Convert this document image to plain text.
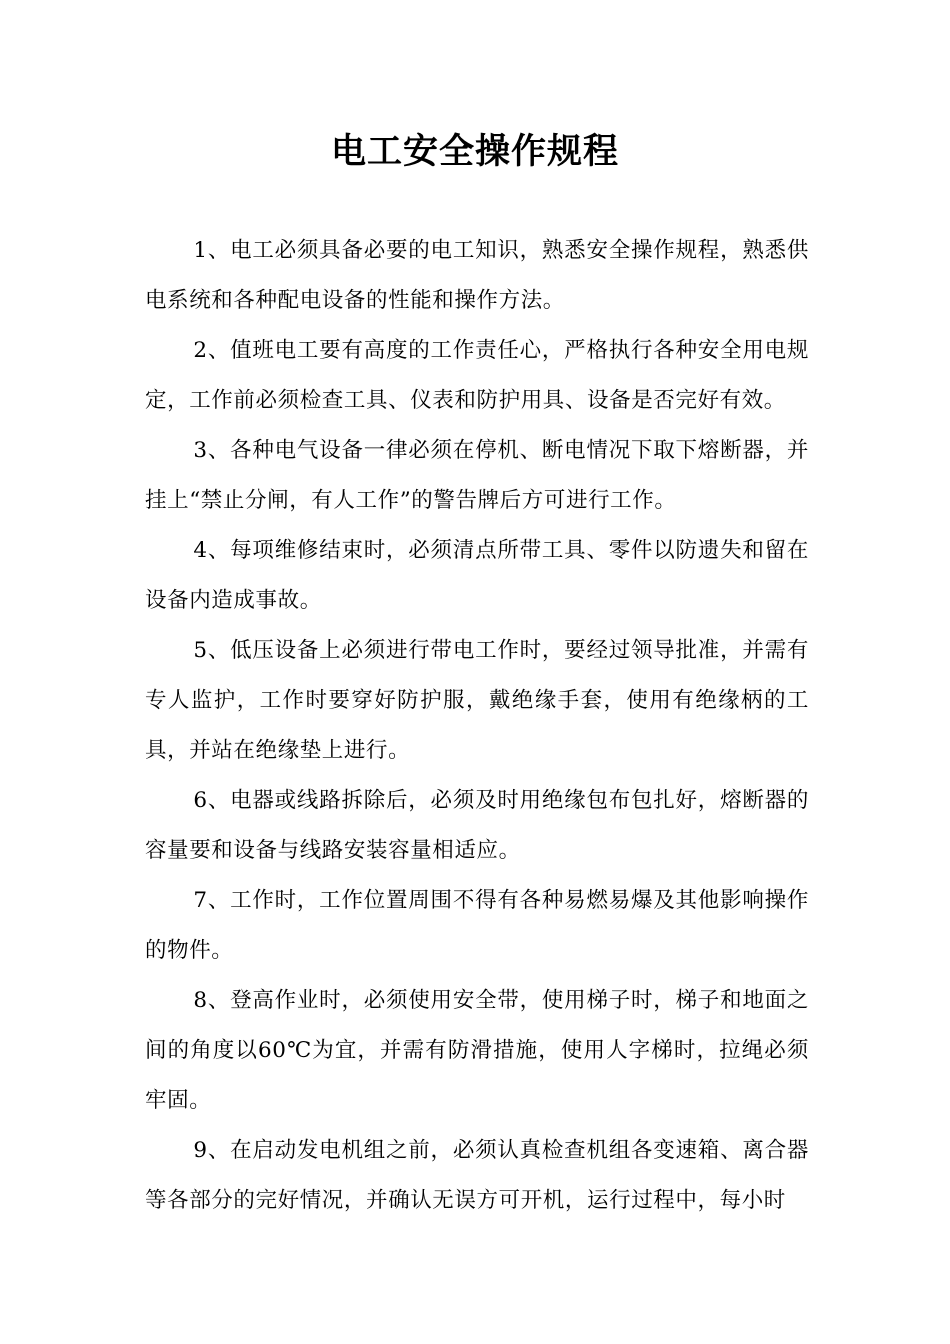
电工安全操作规程

1、电工必须具备必要的电工知识，熟悉安全操作规程，熟悉供电系统和各种配电设备的性能和操作方法。

2、值班电工要有高度的工作责任心，严格执行各种安全用电规定，工作前必须检查工具、仪表和防护用具、设备是否完好有效。

3、各种电气设备一律必须在停机、断电情况下取下熔断器，并挂上“禁止分闸，有人工作”的警告牌后方可进行工作。

4、每项维修结束时，必须清点所带工具、零件以防遗失和留在设备内造成事故。

5、低压设备上必须进行带电工作时，要经过领导批准，并需有专人监护，工作时要穿好防护服，戴绝缘手套，使用有绝缘柄的工具，并站在绝缘垫上进行。

6、电器或线路拆除后，必须及时用绝缘包布包扎好，熔断器的容量要和设备与线路安装容量相适应。

7、工作时，工作位置周围不得有各种易燃易爆及其他影响操作的物件。

8、登高作业时，必须使用安全带，使用梯子时，梯子和地面之间的角度以60℃为宜，并需有防滑措施，使用人字梯时，拉绳必须牢固。

9、在启动发电机组之前，必须认真检查机组各变速箱、离合器等各部分的完好情况，并确认无误方可开机，运行过程中，每小时
